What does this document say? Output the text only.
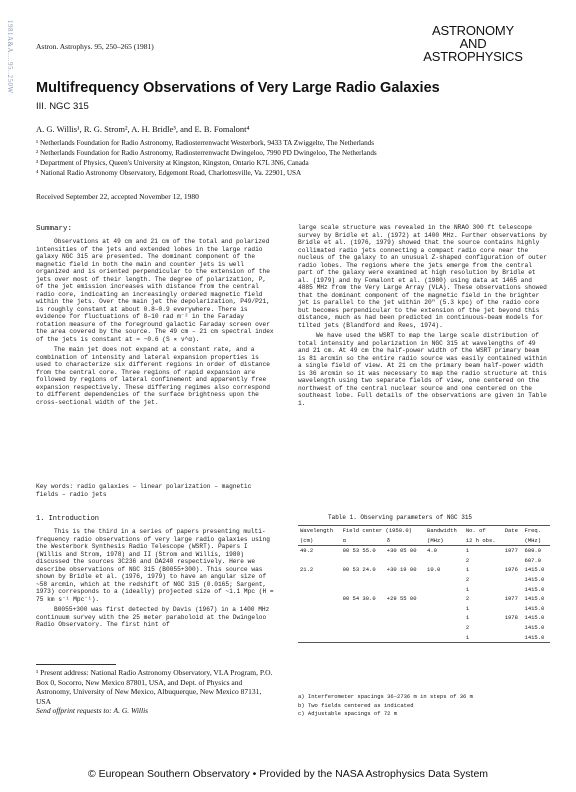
1981A&A....95..250W	Astron. Astrophys. 95, 250–265 (1981)
ASTRONOMY
AND
ASTROPHYSICS
Multifrequency Observations of Very Large Radio Galaxies
III. NGC 315
A. G. Willis¹, R. G. Strom², A. H. Bridle³, and E. B. Fomalont⁴
¹ Netherlands Foundation for Radio Astronomy, Radiosterrenwacht Westerbork, 9433 TA Zwiggelte, The Netherlands
² Netherlands Foundation for Radio Astronomy, Radiosterrenwacht Dwingeloo, 7990 PD Dwingeloo, The Netherlands
³ Department of Physics, Queen's University at Kingston, Kingston, Ontario K7L 3N6, Canada
⁴ National Radio Astronomy Observatory, Edgemont Road, Charlottesville, Va. 22901, USA
Received September 22, accepted November 12, 1980
Summary:

Observations at 49 cm and 21 cm of the total and polarized intensities of the jets and extended lobes in the large radio galaxy NGC 315 are presented. The dominant component of the magnetic field in both the main and counter jets is well organized and is oriented perpendicular to the extension of the jets over most of their length. The degree of polarization, P, of the jet emission increases with distance from the central radio core, indicating an increasingly ordered magnetic field within the jets. Over the main jet the depolarization, P49/P21, is roughly constant at about 0.8–0.9 everywhere. There is evidence for fluctuations of 8–10 rad m⁻² in the Faraday rotation measure of the foreground galactic Faraday screen over the area covered by the source. The 49 cm – 21 cm spectral index of the jets is constant at ≈ −0.6 (S ∝ ν^α).

The main jet does not expand at a constant rate, and a combination of intensity and lateral expansion properties is used to characterize six different regions in order of distance from the central core. Three regions of rapid expansion are followed by regions of lateral confinement and apparently free expansion respectively. These differing regimes also correspond to different dependencies of the surface brightness upon the cross-sectional width of the jet.

Key words: radio galaxies – linear polarization – magnetic fields – radio jets
1. Introduction

This is the third in a series of papers presenting multi-frequency radio observations of very large radio galaxies using the Westerbork Synthesis Radio Telescope (WSRT). Papers I (Willis and Strom, 1978) and II (Strom and Willis, 1980) discussed the sources 3C236 and DA240 respectively. Here we describe observations of NGC 315 (B0055+300). This source was shown by Bridle et al. (1976, 1979) to have an angular size of ~58 arcmin, which at the redshift of NGC 315 (0.0165; Sargent, 1973) corresponds to a (ideally) projected size of ~1.1 Mpc (H = 75 km s⁻¹ Mpc⁻¹).

B0055+300 was first detected by Davis (1967) in a 1400 MHz continuum survey with the 25 meter paraboloid at the Dwingeloo Radio Observatory. The first hint of

¹ Present address: National Radio Astronomy Observatory, VLA Program, P.O. Box 0, Socorro, New Mexico 87801, USA, and Dept. of Physics and Astronomy, University of New Mexico, Albuquerque, New Mexico 87131, USA
Send offprint requests to: A. G. Willis

large scale structure was revealed in the NRAO 300 ft telescope survey by Bridle et al. (1972) at 1400 MHz. Further observations by Bridle et al. (1976, 1979) showed that the source contains highly collimated radio jets connecting a compact radio core near the nucleus of the galaxy to an unusual Z-shaped configuration of outer radio lobes. The regions where the jets emerge from the central part of the galaxy were examined at high resolution by Bridle et al. (1979) and by Fomalont et al. (1980) using data at 1465 and 4885 MHz from the Very Large Array (VLA). These observations showed that the dominant component of the magnetic field in the brighter jet is parallel to the jet within 20" (5.3 kpc) of the radio core but becomes perpendicular to the extension of the jet beyond this distance, much as had been predicted in continuous-beam models for tilted jets (Blandford and Rees, 1974).

We have used the WSRT to map the large scale distribution of total intensity and polarization in NGC 315 at wavelengths of 49 and 21 cm. At 49 cm the half-power width of the WSRT primary beam is 81 arcmin so the entire radio source was easily contained within a single field of view. At 21 cm the primary beam half-power width is 36 arcmin so it was necessary to map the radio structure at this wavelength using two separate fields of view, one centered on the northwest of the central nuclear source and one centered on the southeast lobe. Full details of the observations are given in Table 1.

Table 1. Observing parameters of NGC 315

Wavelength	Field center (1950.0)		Bandwidth	No. of	Date	Freq.
(cm)	α	δ	(MHz)	12 h obs.		(MHz)

49.2	00 53 55.0	+30 05 00	4.0	1	1977	609.0
				2		607.0
21.2	00 53 24.0	+30 19 00	10.0	1	1976	1415.0
				2		1415.0
				1		1415.0
	00 54 30.0	+29 55 00		2	1977	1415.0
				1		1415.0
				1	1978	1415.0
				2		1415.0
				1		1415.0

a) Interferometer spacings 36–2736 m in steps of 36 m
b) Two fields centered as indicated
c) Adjustable spacings of 72 m
© European Southern Observatory • Provided by the NASA Astrophysics Data System
